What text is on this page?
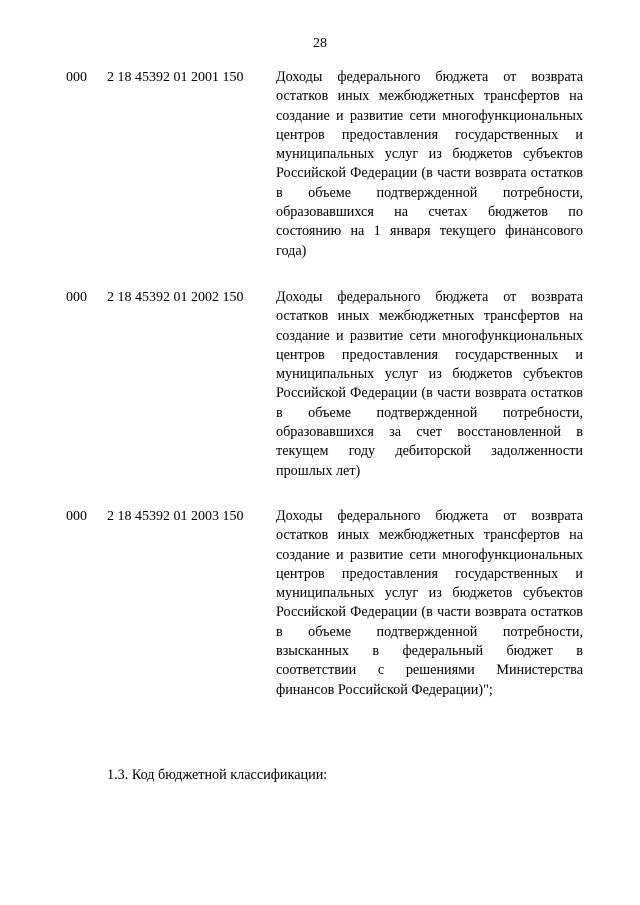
28
000 2 18 45392 01 2001 150 Доходы федерального бюджета от возврата остатков иных межбюджетных трансфертов на создание и развитие сети многофункциональных центров предоставления государственных и муниципальных услуг из бюджетов субъектов Российской Федерации (в части возврата остатков в объеме подтвержденной потребности, образовавшихся на счетах бюджетов по состоянию на 1 января текущего финансового года)
000 2 18 45392 01 2002 150 Доходы федерального бюджета от возврата остатков иных межбюджетных трансфертов на создание и развитие сети многофункциональных центров предоставления государственных и муниципальных услуг из бюджетов субъектов Российской Федерации (в части возврата остатков в объеме подтвержденной потребности, образовавшихся за счет восстановленной в текущем году дебиторской задолженности прошлых лет)
000 2 18 45392 01 2003 150 Доходы федерального бюджета от возврата остатков иных межбюджетных трансфертов на создание и развитие сети многофункциональных центров предоставления государственных и муниципальных услуг из бюджетов субъектов Российской Федерации (в части возврата остатков в объеме подтвержденной потребности, взысканных в федеральный бюджет в соответствии с решениями Министерства финансов Российской Федерации)";
1.3. Код бюджетной классификации:
